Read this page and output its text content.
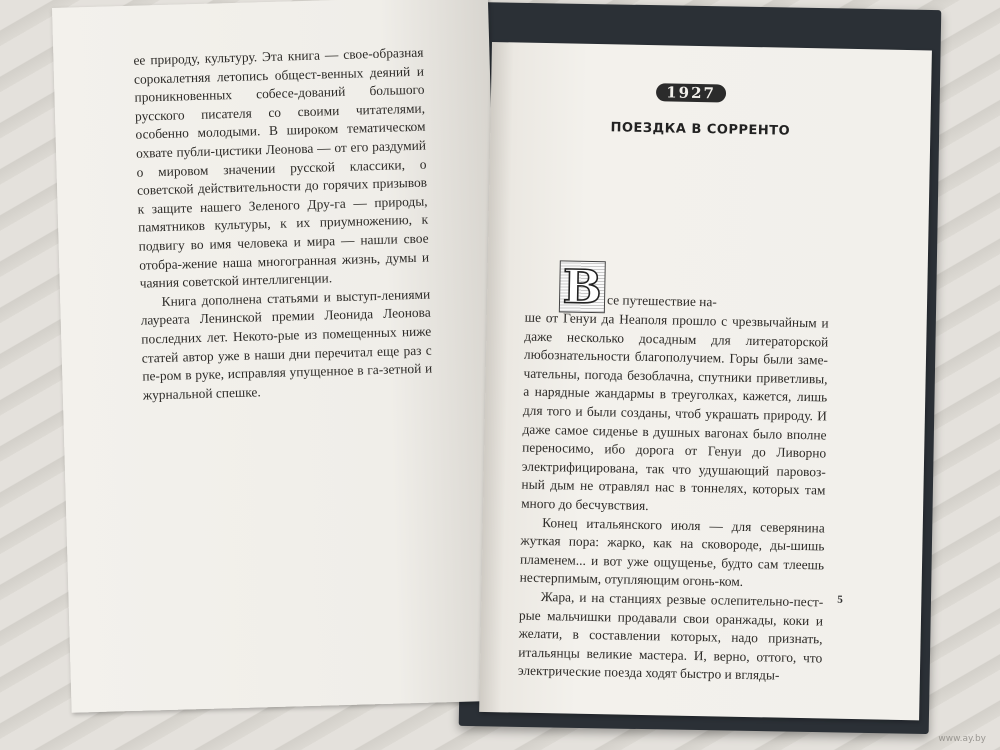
ее природу, культуру. Эта книга — свое-образная сорокалетняя летопись общест-венных деяний и проникновенных собесе-дований большого русского писателя со своими читателями, особенно молодыми. В широком тематическом охвате публи-цистики Леонова — от его раздумий о мировом значении русской классики, о советской действительности до горячих призывов к защите нашего Зеленого Дру-га — природы, памятников культуры, к их приумножению, к подвигу во имя человека и мира — нашли свое отобра-жение наша многогранная жизнь, думы и чаяния советской интеллигенции.

Книга дополнена статьями и выступ-лениями лауреата Ленинской премии Леонида Леонова последних лет. Некото-рые из помещенных ниже статей автор уже в наши дни перечитал еще раз с пе-ром в руке, исправляя упущенное в га-зетной и журнальной спешке.

1927
ПОЕЗДКА В СОРРЕНТО
В се путешествие на-

ше от Генуи да Неаполя прошло с чрезвычайным и даже несколько досадным для литераторской любознательности благополучием. Горы были заме-чательны, погода безоблачна, спутники приветливы, а нарядные жандармы в треуголках, кажется, лишь для того и были созданы, чтоб украшать природу. И даже самое сиденье в душных вагонах было вполне переносимо, ибо дорога от Генуи до Ливорно электрифицирована, так что удушающий паровоз-ный дым не отравлял нас в тоннелях, которых там много до бесчувствия.

Конец итальянского июля — для северянина жуткая пора: жарко, как на сковороде, ды-шишь пламенем... и вот уже ощущенье, будто сам тлеешь нестерпимым, отупляющим огонь-ком.

Жара, и на станциях резвые ослепительно-пест-рые мальчишки продавали свои оранжады, коки и желати, в составлении которых, надо признать, итальянцы великие мастера. И, верно, оттого, что электрические поезда ходят быстро и вгляды-

5
www.ay.by
